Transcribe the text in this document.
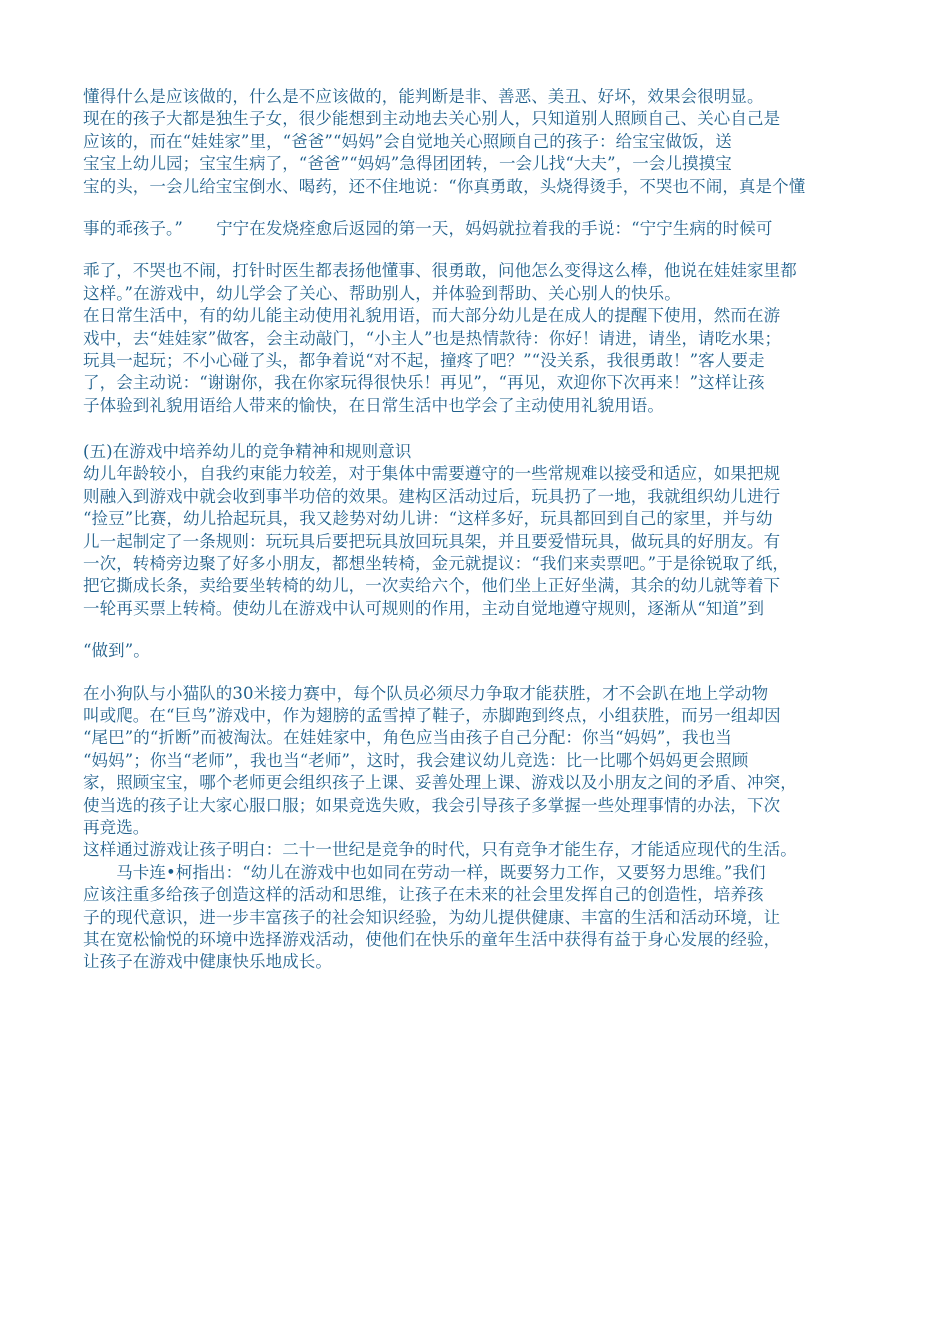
懂得什么是应该做的，什么是不应该做的，能判断是非、善恶、美丑、好坏，效果会很明显。
现在的孩子大都是独生子女，很少能想到主动地去关心别人，只知道别人照顾自己、关心自己是
应该的，而在“娃娃家”里，“爸爸”“妈妈”会自觉地关心照顾自己的孩子：给宝宝做饭，送
宝宝上幼儿园；宝宝生病了，“爸爸”“妈妈”急得团团转，一会儿找“大夫”，一会儿摸摸宝
宝的头，一会儿给宝宝倒水、喝药，还不住地说：“你真勇敢，头烧得烫手，不哭也不闹，真是个懂
事的乖孩子。”　　宁宁在发烧痊愈后返园的第一天，妈妈就拉着我的手说：“宁宁生病的时候可
乖了，不哭也不闹，打针时医生都表扬他懂事、很勇敢，问他怎么变得这么棒，他说在娃娃家里都
这样。”在游戏中，幼儿学会了关心、帮助别人，并体验到帮助、关心别人的快乐。
在日常生活中，有的幼儿能主动使用礼貌用语，而大部分幼儿是在成人的提醒下使用，然而在游
戏中，去“娃娃家”做客，会主动敲门，“小主人”也是热情款待：你好！请进，请坐，请吃水果；
玩具一起玩；不小心碰了头，都争着说“对不起，撞疼了吧？”“没关系，我很勇敢！”客人要走
了，会主动说：“谢谢你，我在你家玩得很快乐！再见”，“再见，欢迎你下次再来！”这样让孩
子体验到礼貌用语给人带来的愉快，在日常生活中也学会了主动使用礼貌用语。
(五)在游戏中培养幼儿的竞争精神和规则意识
幼儿年龄较小，自我约束能力较差，对于集体中需要遵守的一些常规难以接受和适应，如果把规
则融入到游戏中就会收到事半功倍的效果。建构区活动过后，玩具扔了一地，我就组织幼儿进行
“捡豆”比赛，幼儿拾起玩具，我又趁势对幼儿讲：“这样多好，玩具都回到自己的家里，并与幼
儿一起制定了一条规则：玩玩具后要把玩具放回玩具架，并且要爱惜玩具，做玩具的好朋友。有
一次，转椅旁边聚了好多小朋友，都想坐转椅，金元就提议：“我们来卖票吧。”于是徐锐取了纸，
把它撕成长条，卖给要坐转椅的幼儿，一次卖给六个，他们坐上正好坐满，其余的幼儿就等着下
一轮再买票上转椅。使幼儿在游戏中认可规则的作用，主动自觉地遵守规则，逐渐从“知道”到
“做到”。
在小狗队与小猫队的30米接力赛中，每个队员必须尽力争取才能获胜，才不会趴在地上学动物
叫或爬。在“巨鸟”游戏中，作为翅膀的孟雪掉了鞋子，赤脚跑到终点，小组获胜，而另一组却因
“尾巴”的“折断”而被淘汰。在娃娃家中，角色应当由孩子自己分配：你当“妈妈”，我也当
“妈妈”；你当“老师”，我也当“老师”，这时，我会建议幼儿竞选：比一比哪个妈妈更会照顾
家，照顾宝宝，哪个老师更会组织孩子上课、妥善处理上课、游戏以及小朋友之间的矛盾、冲突，
使当选的孩子让大家心服口服；如果竞选失败，我会引导孩子多掌握一些处理事情的办法，下次
再竞选。
这样通过游戏让孩子明白：二十一世纪是竞争的时代，只有竞争才能生存，才能适应现代的生活。
　　马卡连•柯指出：“幼儿在游戏中也如同在劳动一样，既要努力工作，又要努力思维。”我们
应该注重多给孩子创造这样的活动和思维，让孩子在未来的社会里发挥自己的创造性，培养孩
子的现代意识，进一步丰富孩子的社会知识经验，为幼儿提供健康、丰富的生活和活动环境，让
其在宽松愉悦的环境中选择游戏活动，使他们在快乐的童年生活中获得有益于身心发展的经验，
让孩子在游戏中健康快乐地成长。
